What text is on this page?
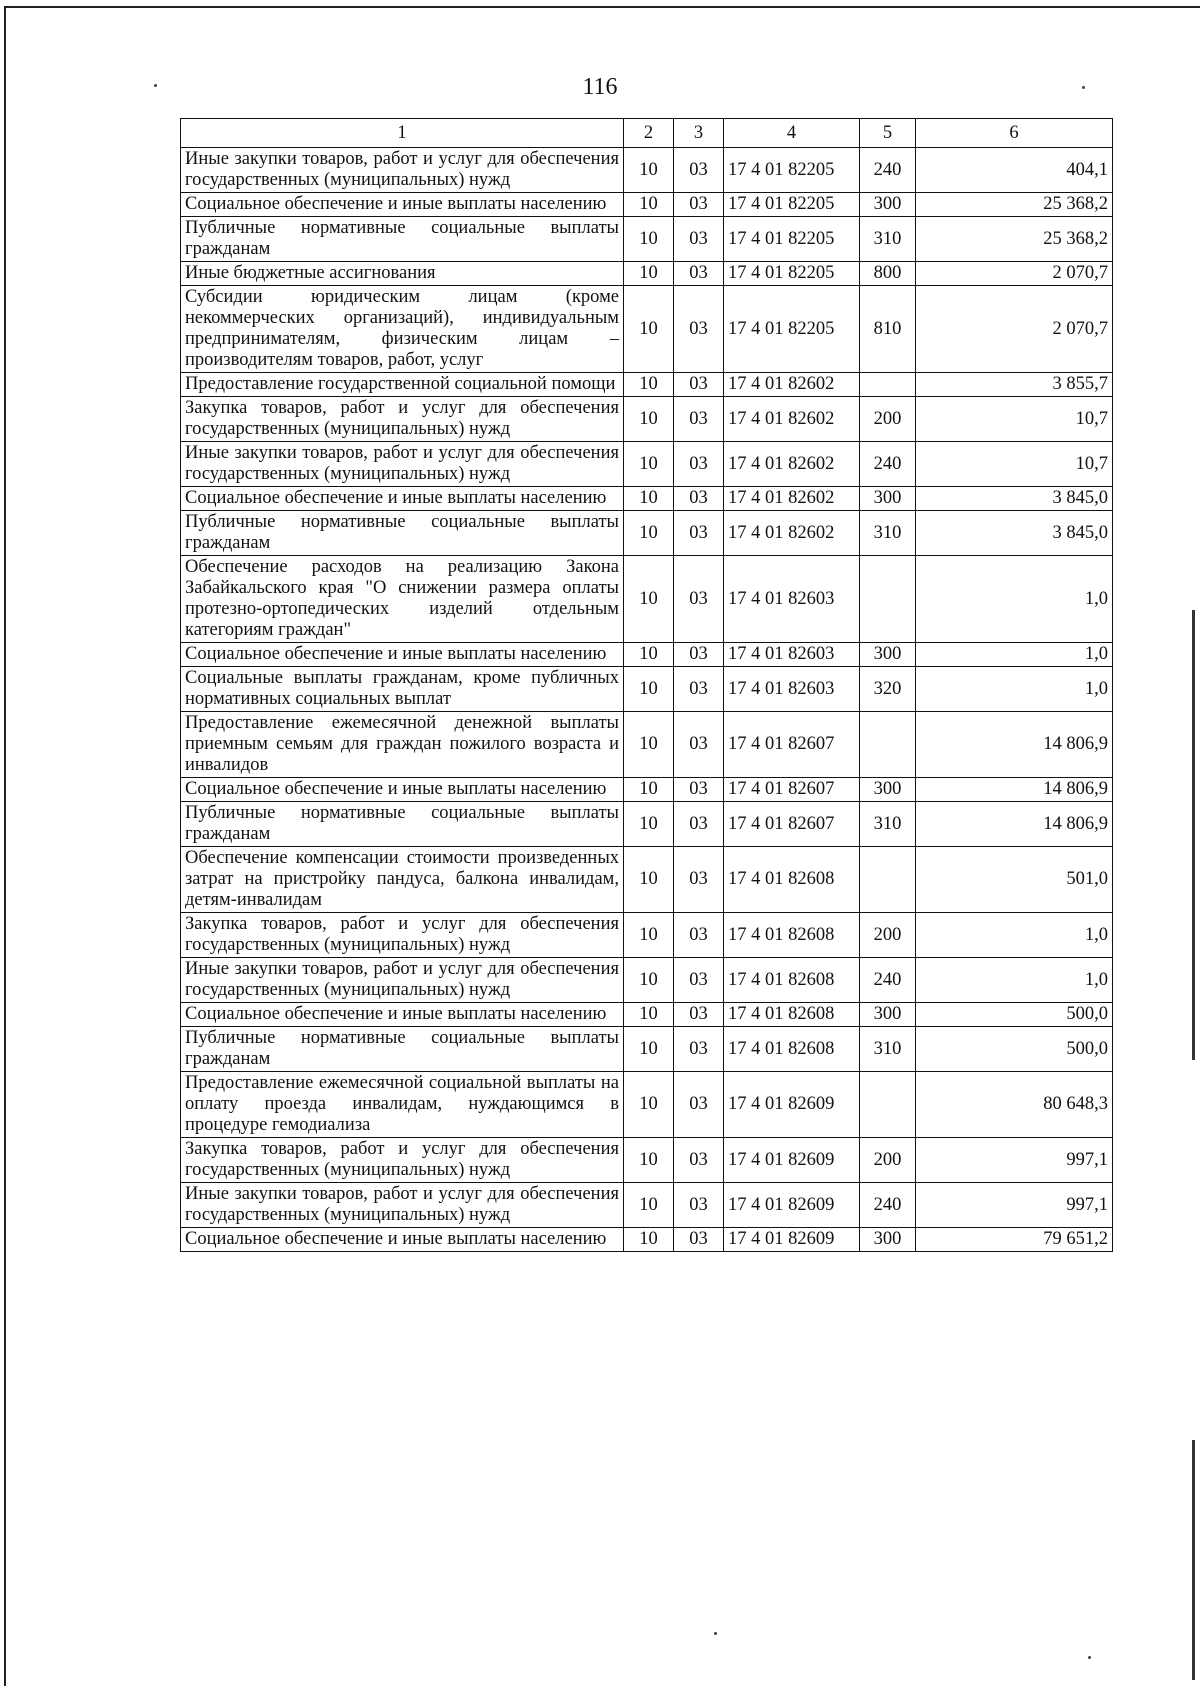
116
1	2	3	4	5	6
Иные закупки товаров, работ и услуг для обеспечения государственных (муниципальных) нужд	10	03	17 4 01 82205	240	404,1
Социальное обеспечение и иные выплаты населению	10	03	17 4 01 82205	300	25 368,2
Публичные нормативные социальные выплаты гражданам	10	03	17 4 01 82205	310	25 368,2
Иные бюджетные ассигнования	10	03	17 4 01 82205	800	2 070,7
Субсидии юридическим лицам (кроме некоммерческих организаций), индивидуальным предпринимателям, физическим лицам – производителям товаров, работ, услуг	10	03	17 4 01 82205	810	2 070,7
Предоставление государственной социальной помощи	10	03	17 4 01 82602		3 855,7
Закупка товаров, работ и услуг для обеспечения государственных (муниципальных) нужд	10	03	17 4 01 82602	200	10,7
Иные закупки товаров, работ и услуг для обеспечения государственных (муниципальных) нужд	10	03	17 4 01 82602	240	10,7
Социальное обеспечение и иные выплаты населению	10	03	17 4 01 82602	300	3 845,0
Публичные нормативные социальные выплаты гражданам	10	03	17 4 01 82602	310	3 845,0
Обеспечение расходов на реализацию Закона Забайкальского края "О снижении размера оплаты протезно-ортопедических изделий отдельным категориям граждан"	10	03	17 4 01 82603		1,0
Социальное обеспечение и иные выплаты населению	10	03	17 4 01 82603	300	1,0
Социальные выплаты гражданам, кроме публичных нормативных социальных выплат	10	03	17 4 01 82603	320	1,0
Предоставление ежемесячной денежной выплаты приемным семьям для граждан пожилого возраста и инвалидов	10	03	17 4 01 82607		14 806,9
Социальное обеспечение и иные выплаты населению	10	03	17 4 01 82607	300	14 806,9
Публичные нормативные социальные выплаты гражданам	10	03	17 4 01 82607	310	14 806,9
Обеспечение компенсации стоимости произведенных затрат на пристройку пандуса, балкона инвалидам, детям-инвалидам	10	03	17 4 01 82608		501,0
Закупка товаров, работ и услуг для обеспечения государственных (муниципальных) нужд	10	03	17 4 01 82608	200	1,0
Иные закупки товаров, работ и услуг для обеспечения государственных (муниципальных) нужд	10	03	17 4 01 82608	240	1,0
Социальное обеспечение и иные выплаты населению	10	03	17 4 01 82608	300	500,0
Публичные нормативные социальные выплаты гражданам	10	03	17 4 01 82608	310	500,0
Предоставление ежемесячной социальной выплаты на оплату проезда инвалидам, нуждающимся в процедуре гемодиализа	10	03	17 4 01 82609		80 648,3
Закупка товаров, работ и услуг для обеспечения государственных (муниципальных) нужд	10	03	17 4 01 82609	200	997,1
Иные закупки товаров, работ и услуг для обеспечения государственных (муниципальных) нужд	10	03	17 4 01 82609	240	997,1
Социальное обеспечение и иные выплаты населению	10	03	17 4 01 82609	300	79 651,2
